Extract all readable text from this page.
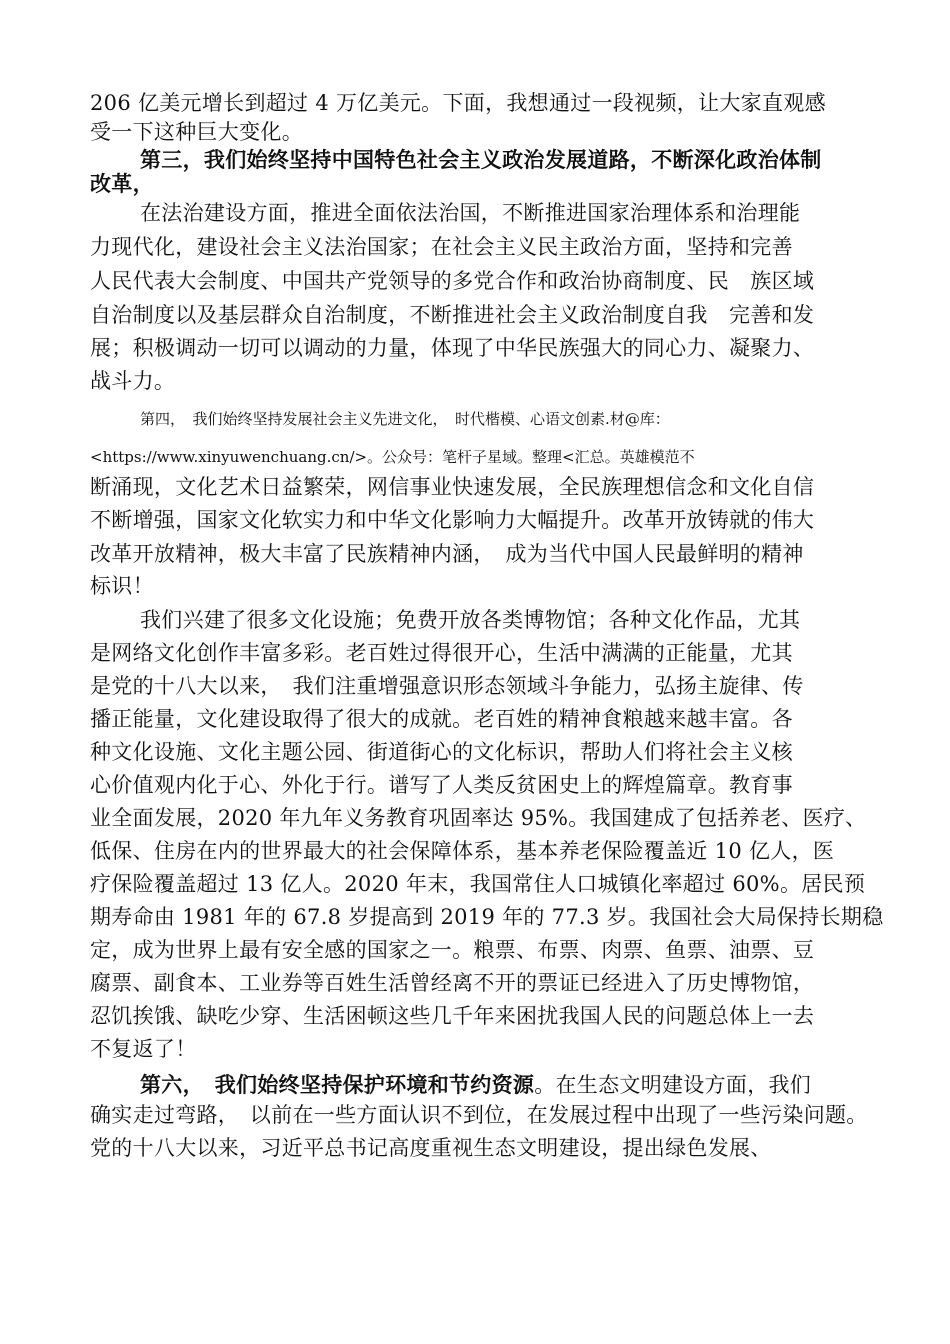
206 亿美元增长到超过 4 万亿美元。下面，我想通过一段视频，让大家直观感
受一下这种巨大变化。
第三，我们始终坚持中国特色社会主义政治发展道路，不断深化政治体制
改革，
在法治建设方面，推进全面依法治国，不断推进国家治理体系和治理能
力现代化，建设社会主义法治国家；在社会主义民主政治方面，坚持和完善
人民代表大会制度、中国共产党领导的多党合作和政治协商制度、民　族区域
自治制度以及基层群众自治制度，不断推进社会主义政治制度自我　完善和发
展；积极调动一切可以调动的力量，体现了中华民族强大的同心力、凝聚力、
战斗力。
第四，　我们始终坚持发展社会主义先进文化，　时代楷模、心语文创素.材@库：
<https://www.xinyuwenchuang.cn/>。公众号：笔杆子星域。整理<汇总。英雄模范不
断涌现，文化艺术日益繁荣，网信事业快速发展，全民族理想信念和文化自信
不断增强，国家文化软实力和中华文化影响力大幅提升。改革开放铸就的伟大
改革开放精神，极大丰富了民族精神内涵，　成为当代中国人民最鲜明的精神
标识！
我们兴建了很多文化设施；免费开放各类博物馆；各种文化作品，尤其
是网络文化创作丰富多彩。老百姓过得很开心，生活中满满的正能量，尤其
是党的十八大以来，　我们注重增强意识形态领域斗争能力，弘扬主旋律、传
播正能量，文化建设取得了很大的成就。老百姓的精神食粮越来越丰富。各
种文化设施、文化主题公园、街道街心的文化标识，帮助人们将社会主义核
心价值观内化于心、外化于行。谱写了人类反贫困史上的辉煌篇章。教育事
业全面发展，2020 年九年义务教育巩固率达 95%。我国建成了包括养老、医疗、
低保、住房在内的世界最大的社会保障体系，基本养老保险覆盖近 10 亿人，医
疗保险覆盖超过 13 亿人。2020 年末，我国常住人口城镇化率超过 60%。居民预
期寿命由 1981 年的 67.8 岁提高到 2019 年的 77.3 岁。我国社会大局保持长期稳
定，成为世界上最有安全感的国家之一。粮票、布票、肉票、鱼票、油票、豆
腐票、副食本、工业券等百姓生活曾经离不开的票证已经进入了历史博物馆，
忍饥挨饿、缺吃少穿、生活困顿这些几千年来困扰我国人民的问题总体上一去
不复返了！
第六，　我们始终坚持保护环境和节约资源。在生态文明建设方面，我们
确实走过弯路，　以前在一些方面认识不到位，在发展过程中出现了一些污染问题。
党的十八大以来，习近平总书记高度重视生态文明建设，提出绿色发展、
